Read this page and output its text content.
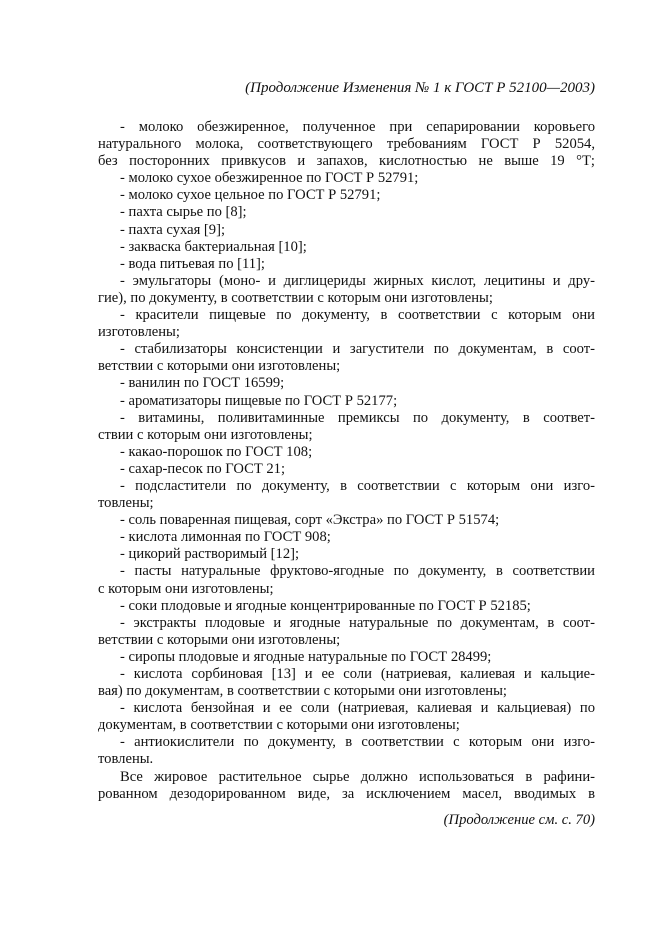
(Продолжение Изменения № 1 к ГОСТ Р 52100—2003)
- молоко обезжиренное, полученное при сепарировании коровьего
натурального молока, соответствующего требованиям ГОСТ Р 52054,
без посторонних привкусов и запахов, кислотностью не выше 19 °Т;
- молоко сухое обезжиренное по ГОСТ Р 52791;
- молоко сухое цельное по ГОСТ Р 52791;
- пахта сырье по [8];
- пахта сухая [9];
- закваска бактериальная [10];
- вода питьевая по [11];
- эмульгаторы (моно- и диглицериды жирных кислот, лецитины и дру-
гие), по документу, в соответствии с которым они изготовлены;
- красители пищевые по документу, в соответствии с которым они
изготовлены;
- стабилизаторы консистенции и загустители по документам, в соот-
ветствии с которыми они изготовлены;
- ванилин по ГОСТ 16599;
- ароматизаторы пищевые по ГОСТ Р 52177;
- витамины, поливитаминные премиксы по документу, в соответ-
ствии с которым они изготовлены;
- какао-порошок по ГОСТ 108;
- сахар-песок по ГОСТ 21;
- подсластители по документу, в соответствии с которым они изго-
товлены;
- соль поваренная пищевая, сорт «Экстра» по ГОСТ Р 51574;
- кислота лимонная по ГОСТ 908;
- цикорий растворимый [12];
- пасты натуральные фруктово-ягодные по документу, в соответствии
с которым они изготовлены;
- соки плодовые и ягодные концентрированные по ГОСТ Р 52185;
- экстракты плодовые и ягодные натуральные по документам, в соот-
ветствии с которыми они изготовлены;
- сиропы плодовые и ягодные натуральные по ГОСТ 28499;
- кислота сорбиновая [13] и ее соли (натриевая, калиевая и кальцие-
вая) по документам, в соответствии с которыми они изготовлены;
- кислота бензойная и ее соли (натриевая, калиевая и кальциевая) по
документам, в соответствии с которыми они изготовлены;
- антиокислители по документу, в соответствии с которым они изго-
товлены.
Все жировое растительное сырье должно использоваться в рафини-
рованном дезодорированном виде, за исключением масел, вводимых в
(Продолжение см. с. 70)
